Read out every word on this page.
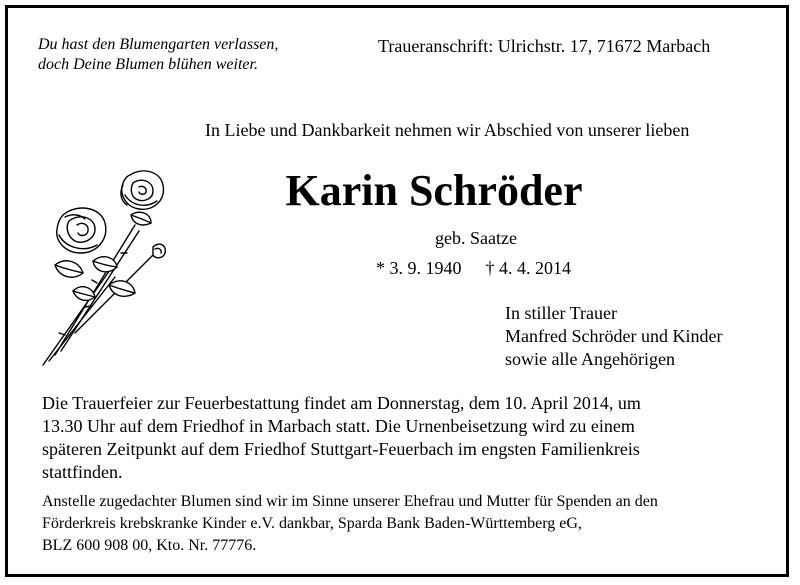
Du hast den Blumengarten verlassen,
doch Deine Blumen blühen weiter.
Traueranschrift: Ulrichstr. 17, 71672 Marbach
In Liebe und Dankbarkeit nehmen wir Abschied von unserer lieben
Karin Schröder
geb. Saatze
* 3. 9. 1940 † 4. 4. 2014
In stiller Trauer
Manfred Schröder und Kinder
sowie alle Angehörigen
Die Trauerfeier zur Feuerbestattung findet am Donnerstag, dem 10. April 2014, um
13.30 Uhr auf dem Friedhof in Marbach statt. Die Urnenbeisetzung wird zu einem
späteren Zeitpunkt auf dem Friedhof Stuttgart-Feuerbach im engsten Familienkreis
stattfinden.
Anstelle zugedachter Blumen sind wir im Sinne unserer Ehefrau und Mutter für Spenden an den
Förderkreis krebskranke Kinder e.V. dankbar, Sparda Bank Baden-Württemberg eG,
BLZ 600 908 00, Kto. Nr. 77776.
